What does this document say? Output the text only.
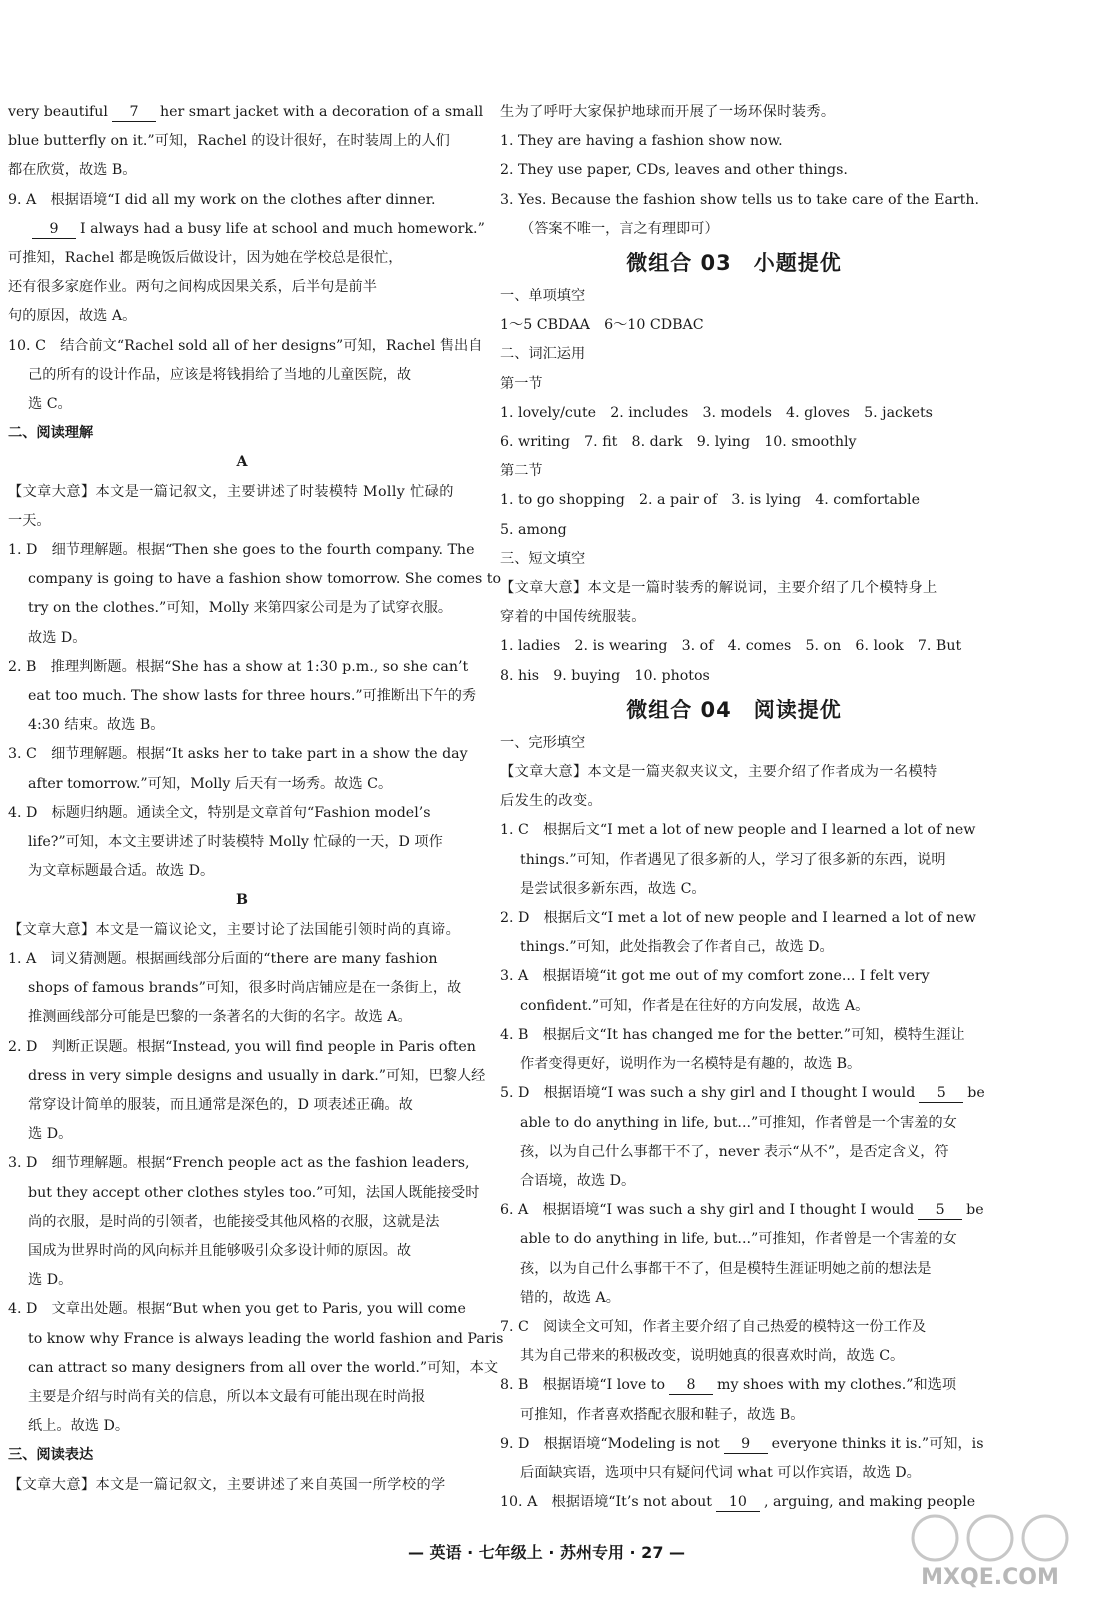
very beautiful 7 her smart jacket with a decoration of a small
blue butterfly on it.”可知，Rachel 的设计很好，在时装周上的人们
都在欣赏，故选 B。
9. A　根据语境“I did all my work on the clothes after dinner.
9 I always had a busy life at school and much homework.”
可推知，Rachel 都是晚饭后做设计，因为她在学校总是很忙，
还有很多家庭作业。两句之间构成因果关系，后半句是前半
句的原因，故选 A。
10. C　结合前文“Rachel sold all of her designs”可知，Rachel 售出自
己的所有的设计作品，应该是将钱捐给了当地的儿童医院，故
选 C。
二、阅读理解
A
【文章大意】本文是一篇记叙文，主要讲述了时装模特 Molly 忙碌的
一天。
1. D　细节理解题。根据“Then she goes to the fourth company. The
company is going to have a fashion show tomorrow. She comes to
try on the clothes.”可知，Molly 来第四家公司是为了试穿衣服。
故选 D。
2. B　推理判断题。根据“She has a show at 1:30 p.m., so she can’t
eat too much. The show lasts for three hours.”可推断出下午的秀
4:30 结束。故选 B。
3. C　细节理解题。根据“It asks her to take part in a show the day
after tomorrow.”可知，Molly 后天有一场秀。故选 C。
4. D　标题归纳题。通读全文，特别是文章首句“Fashion model’s
life?”可知，本文主要讲述了时装模特 Molly 忙碌的一天，D 项作
为文章标题最合适。故选 D。
B
【文章大意】本文是一篇议论文，主要讨论了法国能引领时尚的真谛。
1. A　词义猜测题。根据画线部分后面的“there are many fashion
shops of famous brands”可知，很多时尚店铺应是在一条街上，故
推测画线部分可能是巴黎的一条著名的大街的名字。故选 A。
2. D　判断正误题。根据“Instead, you will find people in Paris often
dress in very simple designs and usually in dark.”可知，巴黎人经
常穿设计简单的服装，而且通常是深色的，D 项表述正确。故
选 D。
3. D　细节理解题。根据“French people act as the fashion leaders,
but they accept other clothes styles too.”可知，法国人既能接受时
尚的衣服，是时尚的引领者，也能接受其他风格的衣服，这就是法
国成为世界时尚的风向标并且能够吸引众多设计师的原因。故
选 D。
4. D　文章出处题。根据“But when you get to Paris, you will come
to know why France is always leading the world fashion and Paris
can attract so many designers from all over the world.”可知，本文
主要是介绍与时尚有关的信息，所以本文最有可能出现在时尚报
纸上。故选 D。
三、阅读表达
【文章大意】本文是一篇记叙文，主要讲述了来自英国一所学校的学
生为了呼吁大家保护地球而开展了一场环保时装秀。
1. They are having a fashion show now.
2. They use paper, CDs, leaves and other things.
3. Yes. Because the fashion show tells us to take care of the Earth.
（答案不唯一，言之有理即可）
微组合 03　小题提优
一、单项填空
1～5 CBDAA　6～10 CDBAC
二、词汇运用
第一节
1. lovely/cute　2. includes　3. models　4. gloves　5. jackets
6. writing　7. fit　8. dark　9. lying　10. smoothly
第二节
1. to go shopping　2. a pair of　3. is lying　4. comfortable
5. among
三、短文填空
【文章大意】本文是一篇时装秀的解说词，主要介绍了几个模特身上
穿着的中国传统服装。
1. ladies　2. is wearing　3. of　4. comes　5. on　6. look　7. But
8. his　9. buying　10. photos
微组合 04　阅读提优
一、完形填空
【文章大意】本文是一篇夹叙夹议文，主要介绍了作者成为一名模特
后发生的改变。
1. C　根据后文“I met a lot of new people and I learned a lot of new
things.”可知，作者遇见了很多新的人，学习了很多新的东西，说明
是尝试很多新东西，故选 C。
2. D　根据后文“I met a lot of new people and I learned a lot of new
things.”可知，此处指教会了作者自己，故选 D。
3. A　根据语境“it got me out of my comfort zone... I felt very
confident.”可知，作者是在往好的方向发展，故选 A。
4. B　根据后文“It has changed me for the better.”可知，模特生涯让
作者变得更好，说明作为一名模特是有趣的，故选 B。
5. D　根据语境“I was such a shy girl and I thought I would 5 be
able to do anything in life, but...”可推知，作者曾是一个害羞的女
孩，以为自己什么事都干不了，never 表示“从不”，是否定含义，符
合语境，故选 D。
6. A　根据语境“I was such a shy girl and I thought I would 5 be
able to do anything in life, but...”可推知，作者曾是一个害羞的女
孩，以为自己什么事都干不了，但是模特生涯证明她之前的想法是
错的，故选 A。
7. C　阅读全文可知，作者主要介绍了自己热爱的模特这一份工作及
其为自己带来的积极改变，说明她真的很喜欢时尚，故选 C。
8. B　根据语境“I love to 8 my shoes with my clothes.”和选项
可推知，作者喜欢搭配衣服和鞋子，故选 B。
9. D　根据语境“Modeling is not 9 everyone thinks it is.”可知，is
后面缺宾语，选项中只有疑问代词 what 可以作宾语，故选 D。
10. A　根据语境“It’s not about 10 , arguing, and making people
— 英语 · 七年级上 · 苏州专用 · 27 —
MXQE.COM
